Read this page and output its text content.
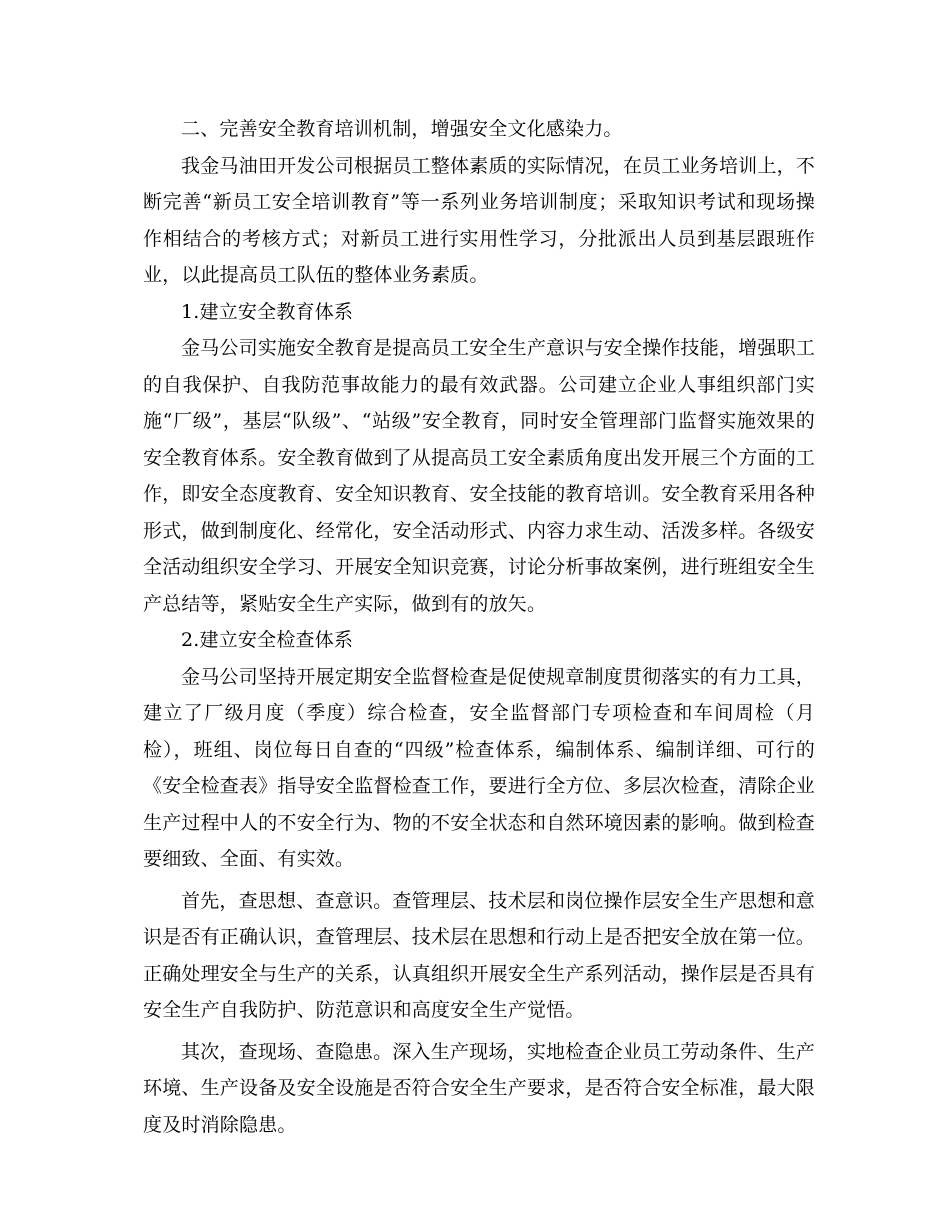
二、完善安全教育培训机制，增强安全文化感染力。

我金马油田开发公司根据员工整体素质的实际情况，在员工业务培训上，不断完善“新员工安全培训教育”等一系列业务培训制度；采取知识考试和现场操作相结合的考核方式；对新员工进行实用性学习，分批派出人员到基层跟班作业，以此提高员工队伍的整体业务素质。

1.建立安全教育体系

金马公司实施安全教育是提高员工安全生产意识与安全操作技能，增强职工的自我保护、自我防范事故能力的最有效武器。公司建立企业人事组织部门实施“厂级”，基层“队级”、“站级”安全教育，同时安全管理部门监督实施效果的安全教育体系。安全教育做到了从提高员工安全素质角度出发开展三个方面的工作，即安全态度教育、安全知识教育、安全技能的教育培训。安全教育采用各种形式，做到制度化、经常化，安全活动形式、内容力求生动、活泼多样。各级安全活动组织安全学习、开展安全知识竞赛，讨论分析事故案例，进行班组安全生产总结等，紧贴安全生产实际，做到有的放矢。

2.建立安全检查体系

金马公司坚持开展定期安全监督检查是促使规章制度贯彻落实的有力工具，建立了厂级月度（季度）综合检查，安全监督部门专项检查和车间周检（月检），班组、岗位每日自查的“四级”检查体系，编制体系、编制详细、可行的《安全检查表》指导安全监督检查工作，要进行全方位、多层次检查，清除企业生产过程中人的不安全行为、物的不安全状态和自然环境因素的影响。做到检查要细致、全面、有实效。

首先，查思想、查意识。查管理层、技术层和岗位操作层安全生产思想和意识是否有正确认识，查管理层、技术层在思想和行动上是否把安全放在第一位。正确处理安全与生产的关系，认真组织开展安全生产系列活动，操作层是否具有安全生产自我防护、防范意识和高度安全生产觉悟。

其次，查现场、查隐患。深入生产现场，实地检查企业员工劳动条件、生产环境、生产设备及安全设施是否符合安全生产要求，是否符合安全标准，最大限度及时消除隐患。
